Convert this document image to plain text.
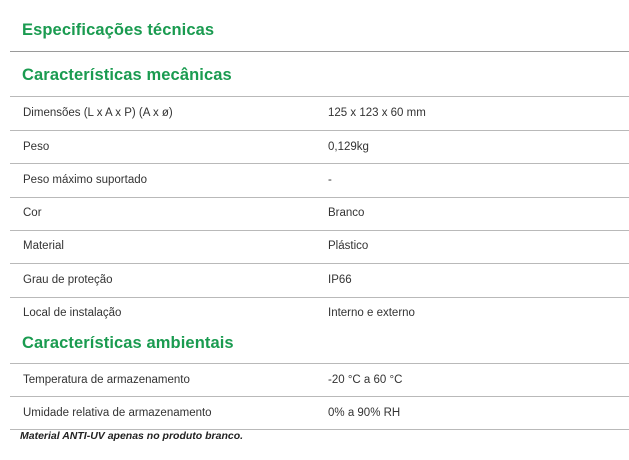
Especificações técnicas
Características mecânicas
Dimensões (L x A x P) (A x ø)	125 x 123 x 60 mm
Peso	0,129kg
Peso máximo suportado	-
Cor	Branco
Material	Plástico
Grau de proteção	IP66
Local de instalação	Interno e externo
Características ambientais
Temperatura de armazenamento	-20 °C a 60 °C
Umidade relativa de armazenamento	0% a 90% RH
Material ANTI-UV apenas no produto branco.
